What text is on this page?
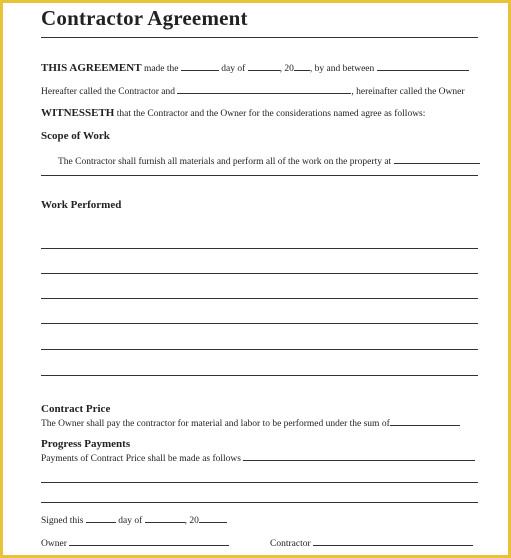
Contractor Agreement
THIS AGREEMENT made the	day of	, 20 , by and between
Hereafter called the Contractor and	, hereinafter called the Owner
WITNESSETH that the Contractor and the Owner for the considerations named agree as follows:
Scope of Work
The Contractor shall furnish all materials and perform all of the work on the property at
Work Performed
Contract Price
The Owner shall pay the contractor for material and labor to be performed under the sum of
Progress Payments
Payments of Contract Price shall be made as follows
Signed this	day of	, 20
Owner	Contractor
